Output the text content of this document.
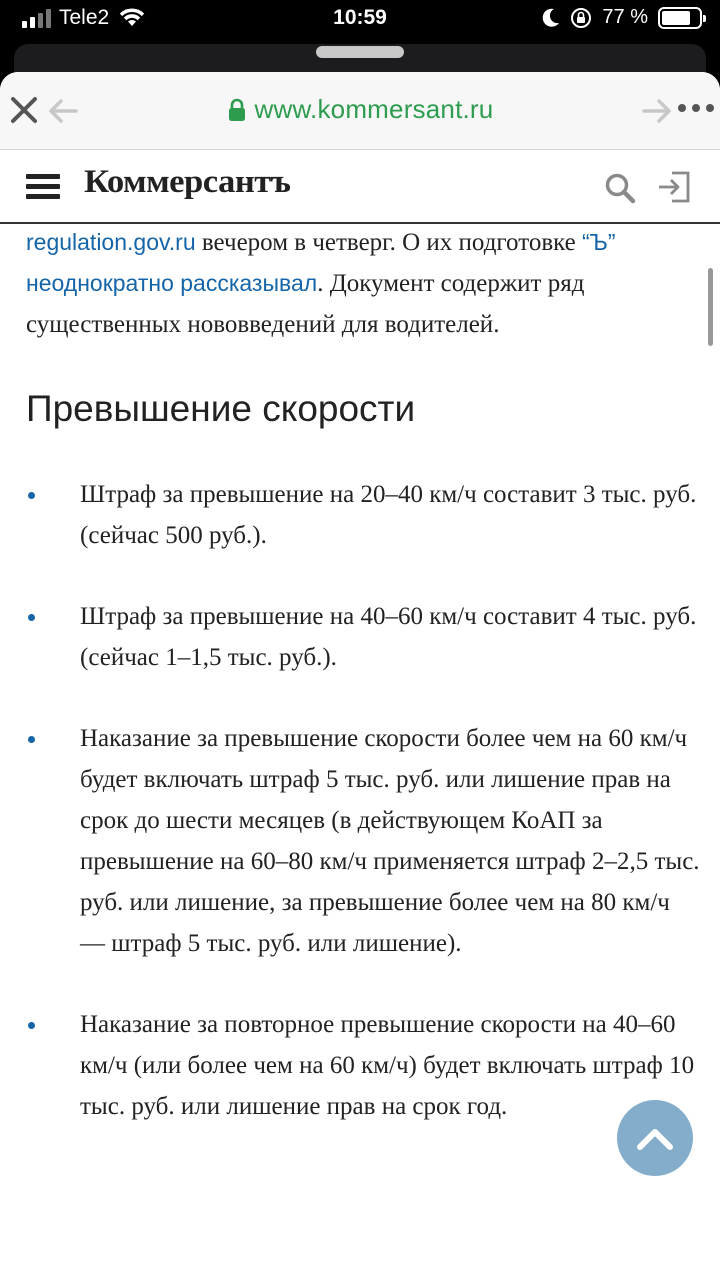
Tele2	10:59	77 %
www.kommersant.ru
Коммерсантъ

regulation.gov.ru вечером в четверг. О их подготовке “Ъ” неоднократно рассказывал. Документ содержит ряд существенных нововведений для водителей.

Превышение скорости
Штраф за превышение на 20–40 км/ч составит 3 тыс. руб. (сейчас 500 руб.).
Штраф за превышение на 40–60 км/ч составит 4 тыс. руб. (сейчас 1–1,5 тыс. руб.).
Наказание за превышение скорости более чем на 60 км/ч будет включать штраф 5 тыс. руб. или лишение прав на срок до шести месяцев (в действующем КоАП за превышение на 60–80 км/ч применяется штраф 2–2,5 тыс. руб. или лишение, за превышение более чем на 80 км/ч — штраф 5 тыс. руб. или лишение).
Наказание за повторное превышение скорости на 40–60 км/ч (или более чем на 60 км/ч) будет включать штраф 10 тыс. руб. или лишение прав на срок год.
